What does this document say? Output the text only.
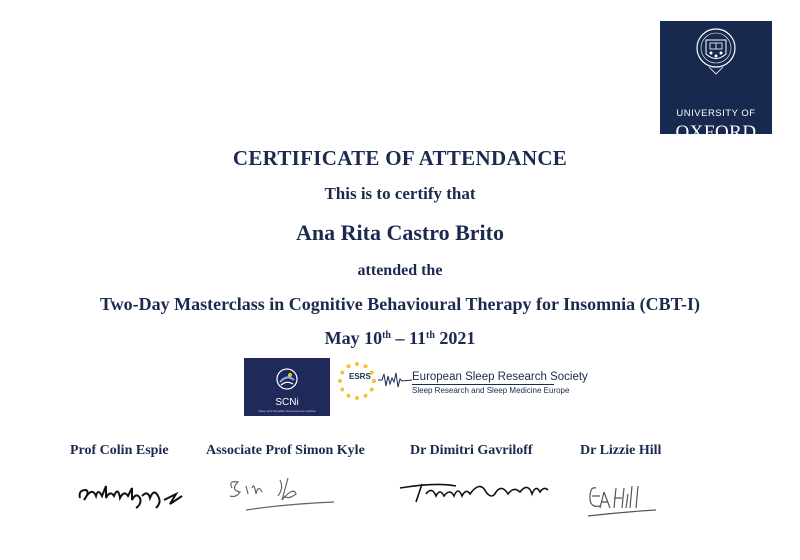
UNIVERSITY OF
OXFORD
CERTIFICATE OF ATTENDANCE
This is to certify that
Ana Rita Castro Brito
attended the
Two-Day Masterclass in Cognitive Behavioural Therapy for Insomnia (CBT-I)
May 10th – 11th 2021
SCNi
Sleep and Circadian Neuroscience Institute
ESRS	European Sleep Research Society
Sleep Research and Sleep Medicine Europe
Prof Colin Espie	Associate Prof Simon Kyle	Dr Dimitri Gavriloff	Dr Lizzie Hill
